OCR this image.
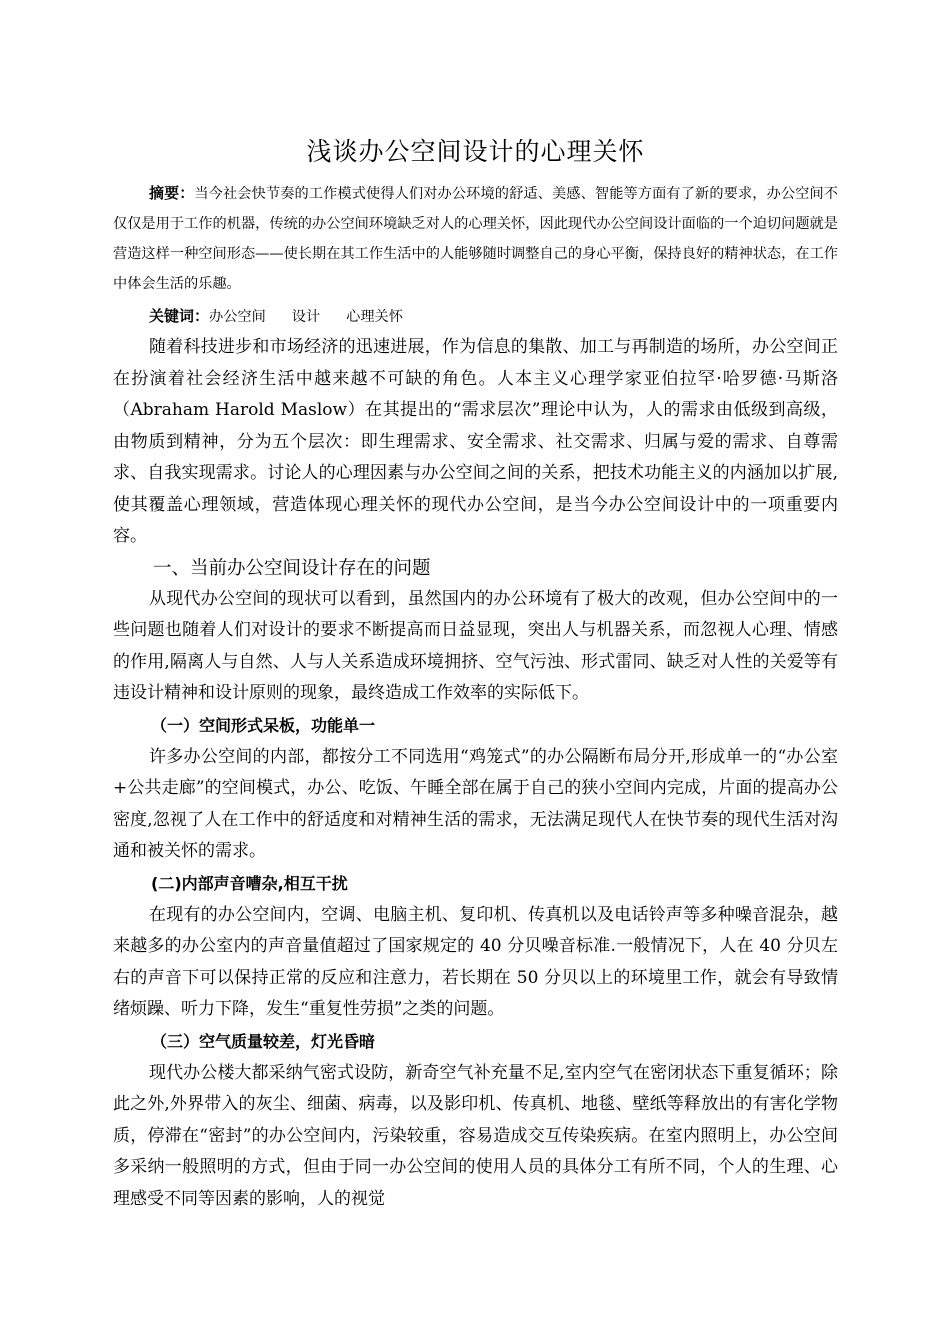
浅谈办公空间设计的心理关怀

摘要：当今社会快节奏的工作模式使得人们对办公环境的舒适、美感、智能等方面有了新的要求，办公空间不仅仅是用于工作的机器，传统的办公空间环境缺乏对人的心理关怀，因此现代办公空间设计面临的一个迫切问题就是营造这样一种空间形态——使长期在其工作生活中的人能够随时调整自己的身心平衡，保持良好的精神状态，在工作中体会生活的乐趣。

关键词：办公空间 设计 心理关怀

随着科技进步和市场经济的迅速进展，作为信息的集散、加工与再制造的场所，办公空间正在扮演着社会经济生活中越来越不可缺的角色。人本主义心理学家亚伯拉罕·哈罗德·马斯洛（Abraham Harold Maslow）在其提出的“需求层次”理论中认为，人的需求由低级到高级，由物质到精神，分为五个层次：即生理需求、安全需求、社交需求、归属与爱的需求、自尊需求、自我实现需求。讨论人的心理因素与办公空间之间的关系，把技术功能主义的内涵加以扩展,使其覆盖心理领域，营造体现心理关怀的现代办公空间，是当今办公空间设计中的一项重要内容。

一、当前办公空间设计存在的问题

从现代办公空间的现状可以看到，虽然国内的办公环境有了极大的改观，但办公空间中的一些问题也随着人们对设计的要求不断提高而日益显现，突出人与机器关系，而忽视人心理、情感的作用,隔离人与自然、人与人关系造成环境拥挤、空气污浊、形式雷同、缺乏对人性的关爱等有违设计精神和设计原则的现象，最终造成工作效率的实际低下。

（一）空间形式呆板，功能单一

许多办公空间的内部，都按分工不同选用“鸡笼式”的办公隔断布局分开,形成单一的“办公室+公共走廊”的空间模式，办公、吃饭、午睡全部在属于自己的狭小空间内完成，片面的提高办公密度,忽视了人在工作中的舒适度和对精神生活的需求，无法满足现代人在快节奏的现代生活对沟通和被关怀的需求。

(二)内部声音嘈杂,相互干扰

在现有的办公空间内，空调、电脑主机、复印机、传真机以及电话铃声等多种噪音混杂，越来越多的办公室内的声音量值超过了国家规定的 40 分贝噪音标准.一般情况下，人在 40 分贝左右的声音下可以保持正常的反应和注意力，若长期在 50 分贝以上的环境里工作，就会有导致情绪烦躁、听力下降，发生“重复性劳损”之类的问题。

（三）空气质量较差，灯光昏暗

现代办公楼大都采纳气密式设防，新奇空气补充量不足,室内空气在密闭状态下重复循环；除此之外,外界带入的灰尘、细菌、病毒，以及影印机、传真机、地毯、壁纸等释放出的有害化学物质，停滞在“密封”的办公空间内，污染较重，容易造成交互传染疾病。在室内照明上，办公空间多采纳一般照明的方式，但由于同一办公空间的使用人员的具体分工有所不同，个人的生理、心理感受不同等因素的影响，人的视觉
